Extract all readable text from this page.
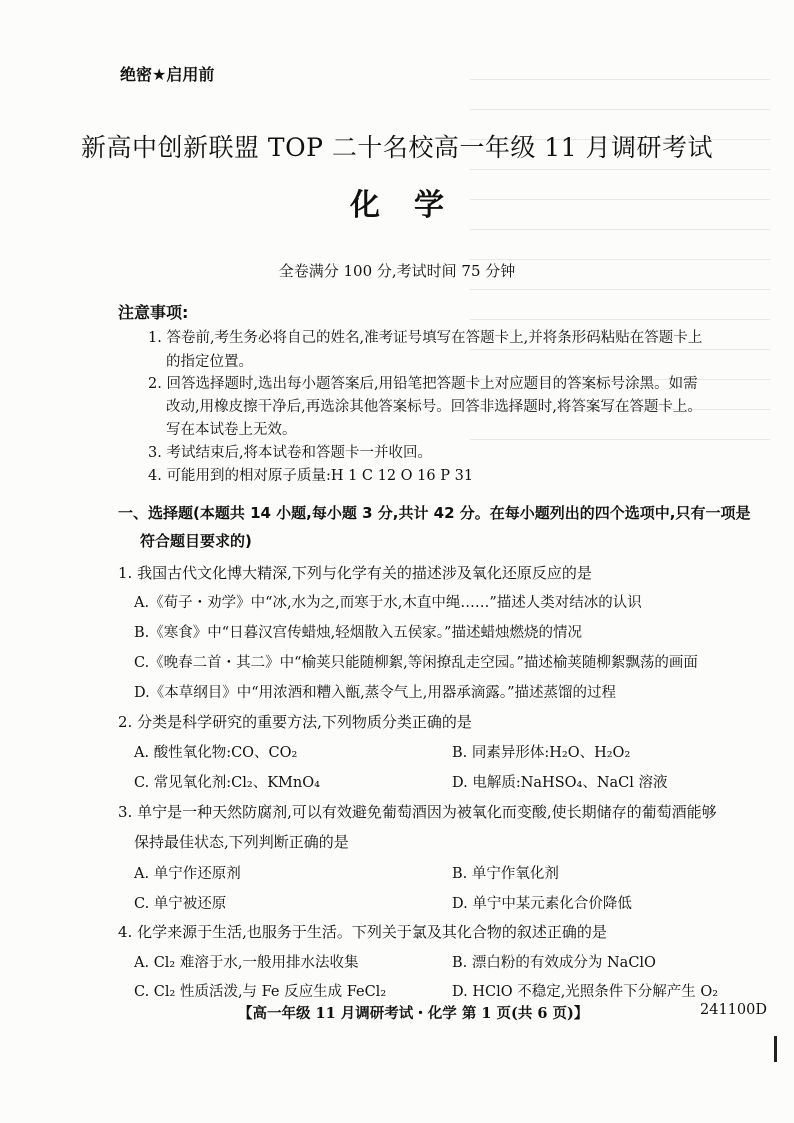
绝密★启用前
新高中创新联盟 TOP 二十名校高一年级 11 月调研考试
化学
全卷满分 100 分,考试时间 75 分钟
注意事项:
1. 答卷前,考生务必将自己的姓名,准考证号填写在答题卡上,并将条形码粘贴在答题卡上
的指定位置。
2. 回答选择题时,选出每小题答案后,用铅笔把答题卡上对应题目的答案标号涂黑。如需
改动,用橡皮擦干净后,再选涂其他答案标号。回答非选择题时,将答案写在答题卡上。
写在本试卷上无效。
3. 考试结束后,将本试卷和答题卡一并收回。
4. 可能用到的相对原子质量:H 1 C 12 O 16 P 31
一、选择题(本题共 14 小题,每小题 3 分,共计 42 分。在每小题列出的四个选项中,只有一项是
符合题目要求的)
1. 我国古代文化博大精深,下列与化学有关的描述涉及氧化还原反应的是
A.《荀子・劝学》中“冰,水为之,而寒于水,木直中绳……”描述人类对结冰的认识
B.《寒食》中“日暮汉宫传蜡烛,轻烟散入五侯家。”描述蜡烛燃烧的情况
C.《晚春二首・其二》中“榆荚只能随柳絮,等闲撩乱走空园。”描述榆荚随柳絮飘荡的画面
D.《本草纲目》中“用浓酒和糟入甑,蒸令气上,用器承滴露。”描述蒸馏的过程
2. 分类是科学研究的重要方法,下列物质分类正确的是
A. 酸性氧化物:CO、CO₂	B. 同素异形体:H₂O、H₂O₂
C. 常见氧化剂:Cl₂、KMnO₄	D. 电解质:NaHSO₄、NaCl 溶液
3. 单宁是一种天然防腐剂,可以有效避免葡萄酒因为被氧化而变酸,使长期储存的葡萄酒能够
保持最佳状态,下列判断正确的是
A. 单宁作还原剂	B. 单宁作氧化剂
C. 单宁被还原	D. 单宁中某元素化合价降低
4. 化学来源于生活,也服务于生活。下列关于氯及其化合物的叙述正确的是
A. Cl₂ 难溶于水,一般用排水法收集	B. 漂白粉的有效成分为 NaClO
C. Cl₂ 性质活泼,与 Fe 反应生成 FeCl₂	D. HClO 不稳定,光照条件下分解产生 O₂
【高一年级 11 月调研考试・化学 第 1 页(共 6 页)】	241100D
